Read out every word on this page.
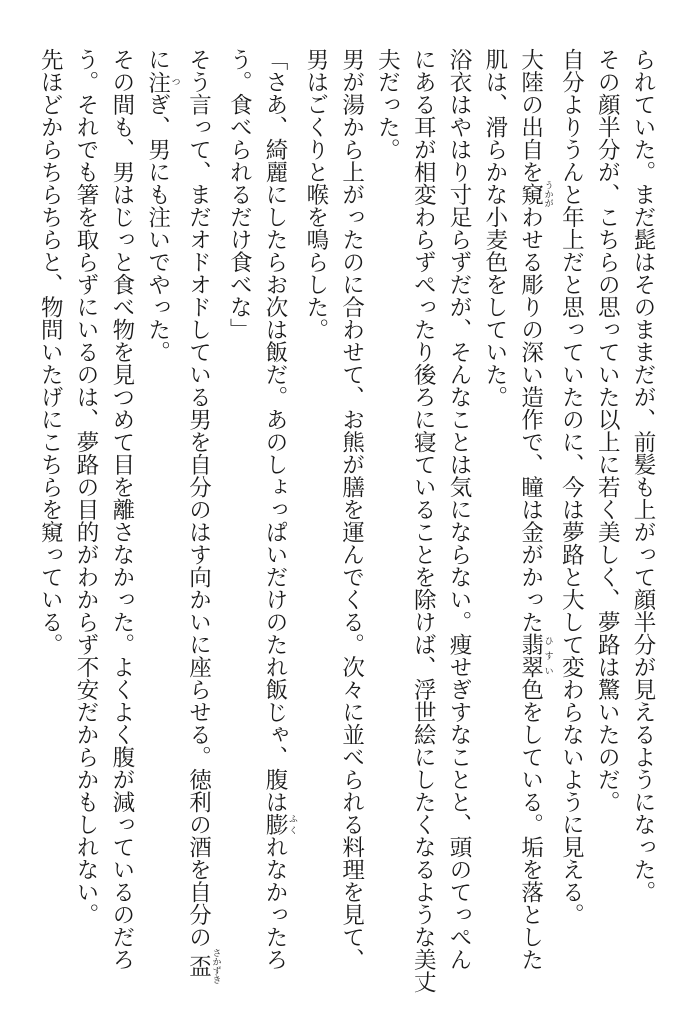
られていた。まだ髭はそのままだが、前髪も上がって顔半分が見えるようになった。
その顔半分が、こちらの思っていた以上に若く美しく、夢路は驚いたのだ。
自分よりうんと年上だと思っていたのに、今は夢路と大して変わらないように見える。
大陸の出自を窺 うかがわせる彫りの深い造作で、瞳は金がかった翡翠 ひすい色をしている。垢を落とした
肌は、滑らかな小麦色をしていた。
浴衣はやはり寸足らずだが、そんなことは気にならない。痩せぎすなことと、頭のてっぺん
にある耳が相変わらずぺったり後ろに寝ていることを除けば、浮世絵にしたくなるような美丈
夫だった。
男が湯から上がったのに合わせて、お熊が膳を運んでくる。次々に並べられる料理を見て、
男はごくりと喉を鳴らした。
「さあ、綺麗にしたらお次は飯だ。あのしょっぱいだけのたれ飯じゃ、腹は膨 ふくれなかったろ
う。食べられるだけ食べな」
そう言って、まだオドオドしている男を自分のはす向かいに座らせる。徳利の酒を自分の盃 さかずき
に注 つぎ、男にも注いでやった。
その間も、男はじっと食べ物を見つめて目を離さなかった。よくよく腹が減っているのだろ
う。それでも箸を取らずにいるのは、夢路の目的がわからず不安だからかもしれない。
先ほどからちらちらと、物問いたげにこちらを窺っている。
